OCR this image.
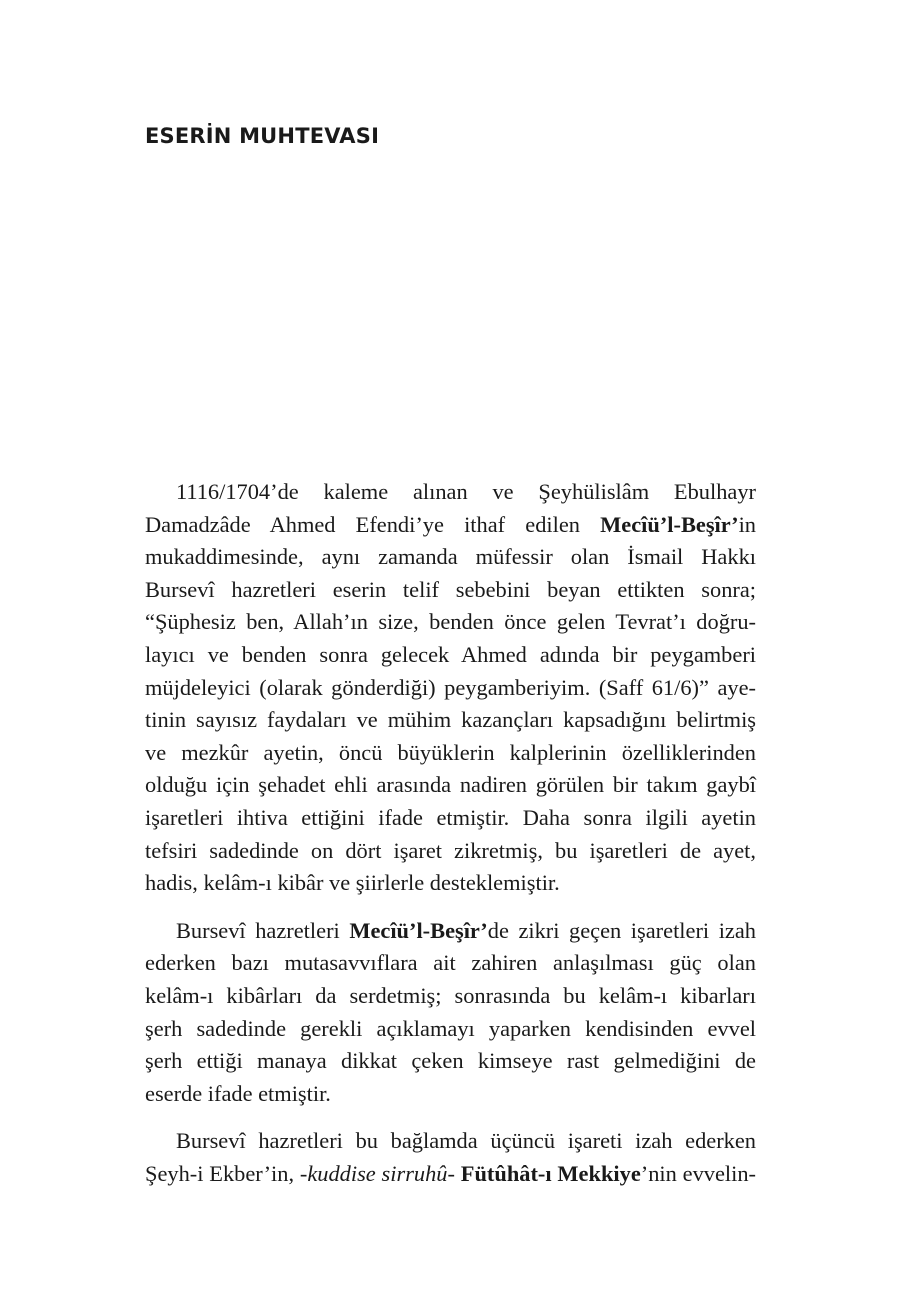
ESERİN MUHTEVASI
1116/1704’de kaleme alınan ve Şeyhülislâm Ebulhayr
Damadzâde Ahmed Efendi’ye ithaf edilen Mecîü’l-Beşîr’in
mukaddimesinde, aynı zamanda müfessir olan İsmail Hakkı
Bursevî hazretleri eserin telif sebebini beyan ettikten sonra;
“Şüphesiz ben, Allah’ın size, benden önce gelen Tevrat’ı doğru-
layıcı ve benden sonra gelecek Ahmed adında bir peygamberi
müjdeleyici (olarak gönderdiği) peygamberiyim. (Saff 61/6)” aye-
tinin sayısız faydaları ve mühim kazançları kapsadığını belirtmiş
ve mezkûr ayetin, öncü büyüklerin kalplerinin özelliklerinden
olduğu için şehadet ehli arasında nadiren görülen bir takım gaybî
işaretleri ihtiva ettiğini ifade etmiştir. Daha sonra ilgili ayetin
tefsiri sadedinde on dört işaret zikretmiş, bu işaretleri de ayet,
hadis, kelâm-ı kibâr ve şiirlerle desteklemiştir.
Bursevî hazretleri Mecîü’l-Beşîr’de zikri geçen işaretleri izah
ederken bazı mutasavvıflara ait zahiren anlaşılması güç olan
kelâm-ı kibârları da serdetmiş; sonrasında bu kelâm-ı kibarları
şerh sadedinde gerekli açıklamayı yaparken kendisinden evvel
şerh ettiği manaya dikkat çeken kimseye rast gelmediğini de
eserde ifade etmiştir.
Bursevî hazretleri bu bağlamda üçüncü işareti izah ederken
Şeyh-i Ekber’in, -kuddise sirruhû- Fütûhât-ı Mekkiye’nin evvelin-
